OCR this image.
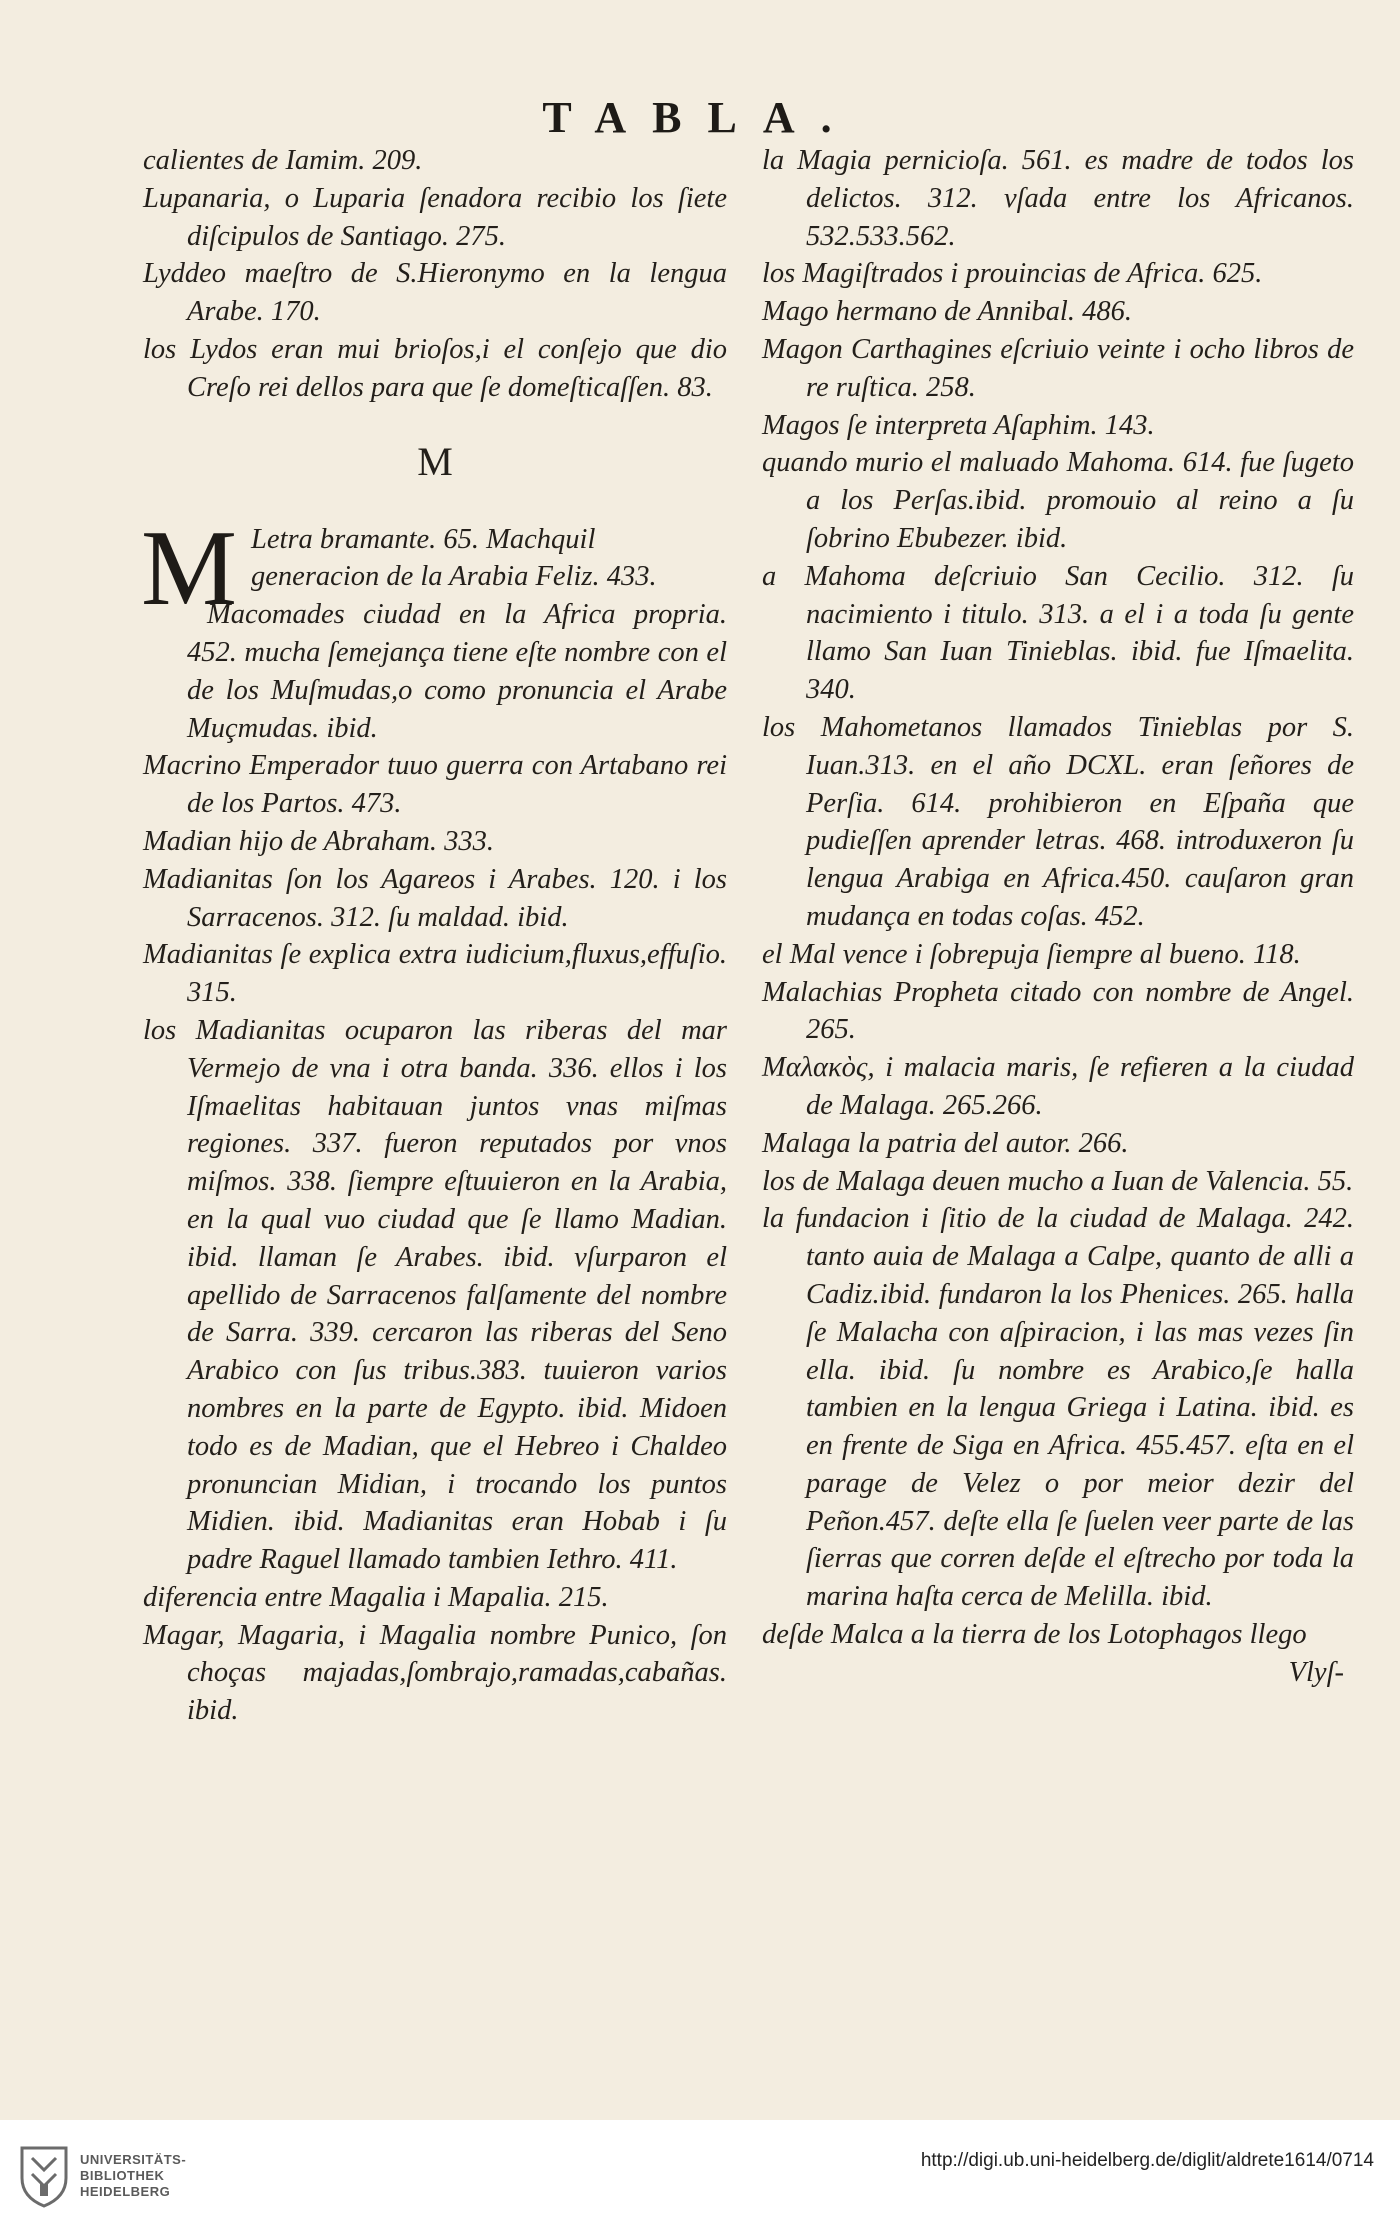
TABLA.
calientes de Iamim. 209.
Lupanaria, o Luparia ſenadora recibio los ſiete diſcipulos de Santiago. 275.
Lyddeo maeſtro de S.Hieronymo en la lengua Arabe. 170.
los Lydos eran mui brioſos,i el conſejo que dio Creſo rei dellos para que ſe domeſticaſſen. 83.
M
M Letra bramante. 65. Machquil generacion de la Arabia Feliz. 433.
Macomades ciudad en la Africa propria. 452. mucha ſemejança tiene eſte nombre con el de los Muſmudas,o como pronuncia el Arabe Muçmudas. ibid.
Macrino Emperador tuuo guerra con Artabano rei de los Partos. 473.
Madian hijo de Abraham. 333.
Madianitas ſon los Agareos i Arabes. 120. i los Sarracenos. 312. ſu maldad. ibid.
Madianitas ſe explica extra iudicium,fluxus,effuſio. 315.
los Madianitas ocuparon las riberas del mar Vermejo de vna i otra banda. 336. ellos i los Iſmaelitas habitauan juntos vnas miſmas regiones. 337. fueron reputados por vnos miſmos. 338. ſiempre eſtuuieron en la Arabia, en la qual vuo ciudad que ſe llamo Madian. ibid. llaman ſe Arabes. ibid. vſurparon el apellido de Sarracenos falſamente del nombre de Sarra. 339. cercaron las riberas del Seno Arabico con ſus tribus.383. tuuieron varios nombres en la parte de Egypto. ibid. Midoen todo es de Madian, que el Hebreo i Chaldeo pronuncian Midian, i trocando los puntos Midien. ibid. Madianitas eran Hobab i ſu padre Raguel llamado tambien Iethro. 411.
diferencia entre Magalia i Mapalia. 215.
Magar, Magaria, i Magalia nombre Punico, ſon choças majadas,ſombrajo,ramadas,cabañas. ibid.
la Magia pernicioſa. 561. es madre de todos los delictos. 312. vſada entre los Africanos. 532.533.562.
los Magiſtrados i prouincias de Africa. 625.
Mago hermano de Annibal. 486.
Magon Carthagines eſcriuio veinte i ocho libros de re ruſtica. 258.
Magos ſe interpreta Aſaphim. 143.
quando murio el maluado Mahoma. 614. fue ſugeto a los Perſas.ibid. promouio al reino a ſu ſobrino Ebubezer. ibid.
a Mahoma deſcriuio San Cecilio. 312. ſu nacimiento i titulo. 313. a el i a toda ſu gente llamo San Iuan Tinieblas. ibid. fue Iſmaelita. 340.
los Mahometanos llamados Tinieblas por S. Iuan.313. en el año DCXL. eran ſeñores de Perſia. 614. prohibieron en Eſpaña que pudieſſen aprender letras. 468. introduxeron ſu lengua Arabiga en Africa.450. cauſaron gran mudança en todas coſas. 452.
el Mal vence i ſobrepuja ſiempre al bueno. 118.
Malachias Propheta citado con nombre de Angel. 265.
Μαλακὸς, i malacia maris, ſe refieren a la ciudad de Malaga. 265.266.
Malaga la patria del autor. 266.
los de Malaga deuen mucho a Iuan de Valencia. 55.
la fundacion i ſitio de la ciudad de Malaga. 242. tanto auia de Malaga a Calpe, quanto de alli a Cadiz.ibid. fundaron la los Phenices. 265. halla ſe Malacha con aſpiracion, i las mas vezes ſin ella. ibid. ſu nombre es Arabico,ſe halla tambien en la lengua Griega i Latina. ibid. es en frente de Siga en Africa. 455.457. eſta en el parage de Velez o por meior dezir del Peñon.457. deſte ella ſe ſuelen veer parte de las ſierras que corren deſde el eſtrecho por toda la marina haſta cerca de Melilla. ibid.
deſde Malca a la tierra de los Lotophagos llego
Vlyſ-
UNIVERSITÄTS-
BIBLIOTHEK
HEIDELBERG
http://digi.ub.uni-heidelberg.de/diglit/aldrete1614/0714
